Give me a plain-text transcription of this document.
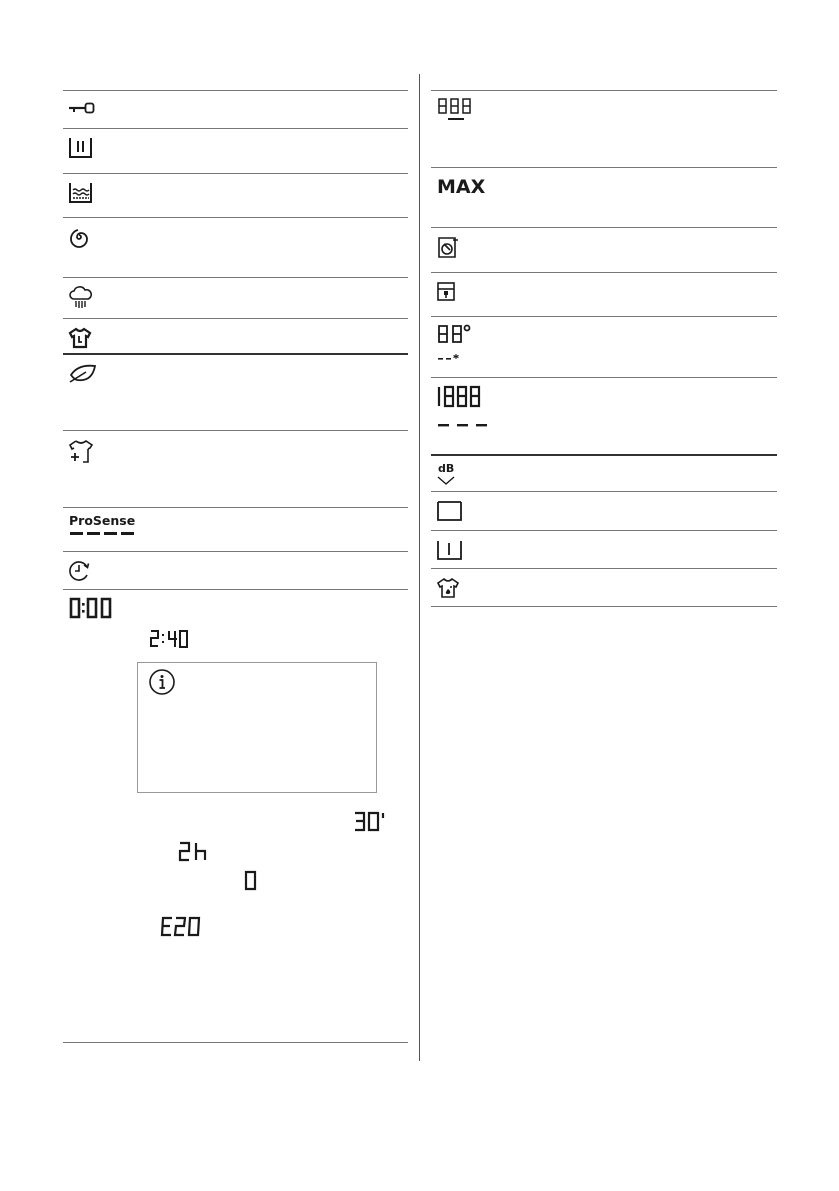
ProSense
MAX
dB
